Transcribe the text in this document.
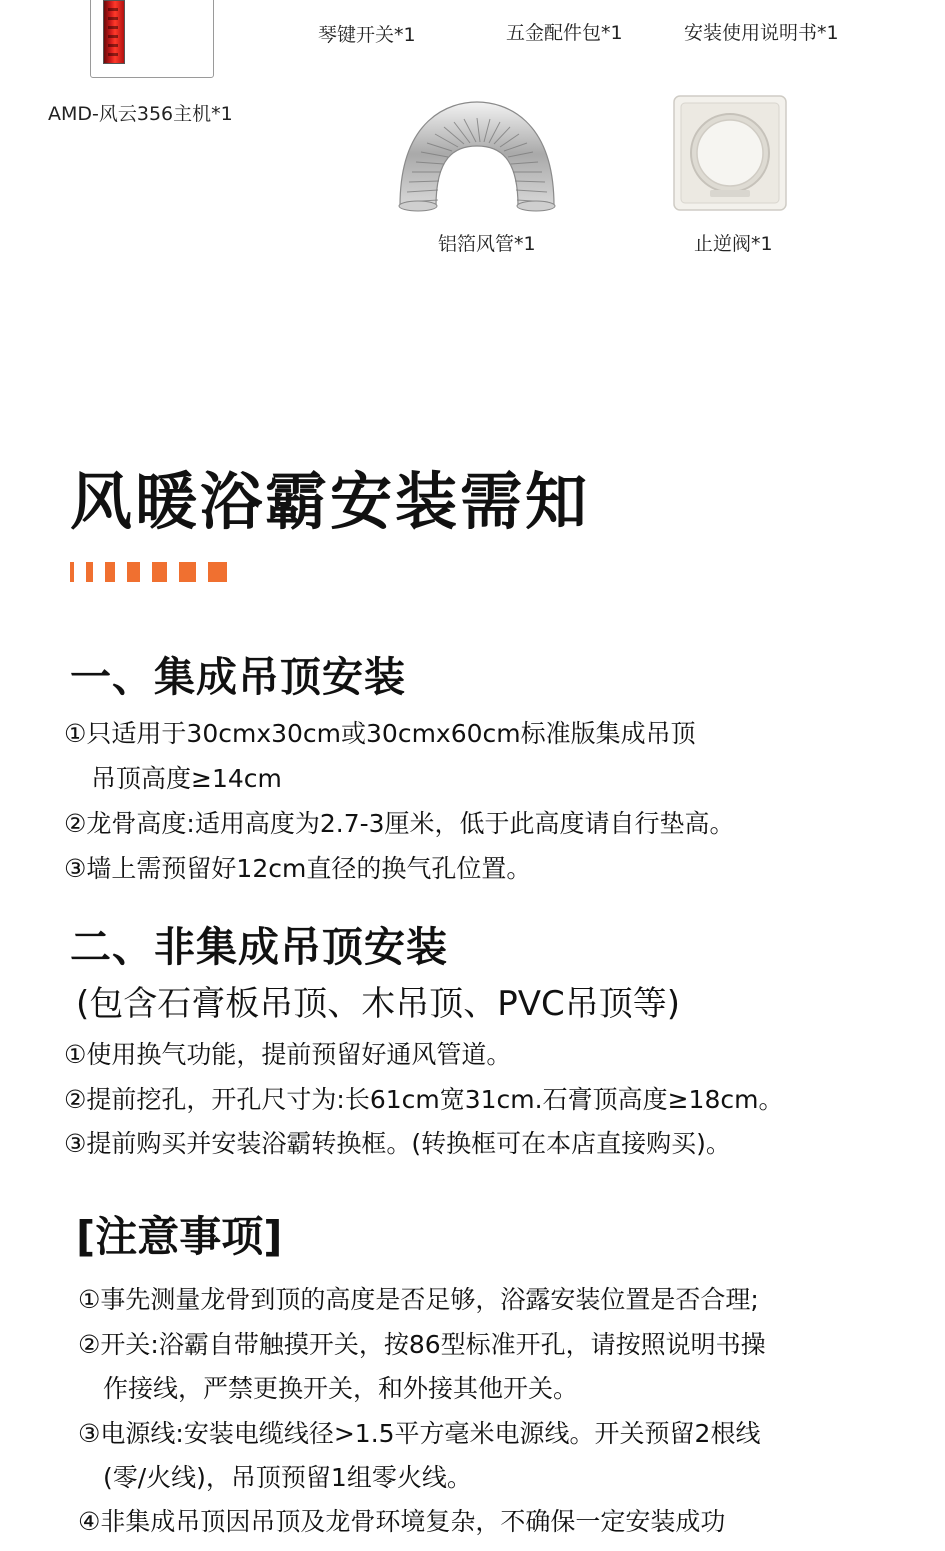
AMD-风云356主机*1
琴键开关*1	五金配件包*1	安装使用说明书*1
铝箔风管*1	止逆阀*1
风暖浴霸安装需知
一、集成吊顶安装
①只适用于30cmx30cm或30cmx60cm标准版集成吊顶
吊顶高度≥14cm
②龙骨高度:适用高度为2.7-3厘米，低于此高度请自行垫高。
③墙上需预留好12cm直径的换气孔位置。
二、非集成吊顶安装
(包含石膏板吊顶、木吊顶、PVC吊顶等)
①使用换气功能，提前预留好通风管道。
②提前挖孔，开孔尺寸为:长61cm宽31cm.石膏顶高度≥18cm。
③提前购买并安装浴霸转换框。(转换框可在本店直接购买)。
[注意事项]
①事先测量龙骨到顶的高度是否足够，浴露安装位置是否合理;
②开关:浴霸自带触摸开关，按86型标准开孔，请按照说明书操
作接线，严禁更换开关，和外接其他开关。
③电源线:安装电缆线径>1.5平方毫米电源线。开关预留2根线
(零/火线)，吊顶预留1组零火线。
④非集成吊顶因吊顶及龙骨环境复杂，不确保一定安装成功
